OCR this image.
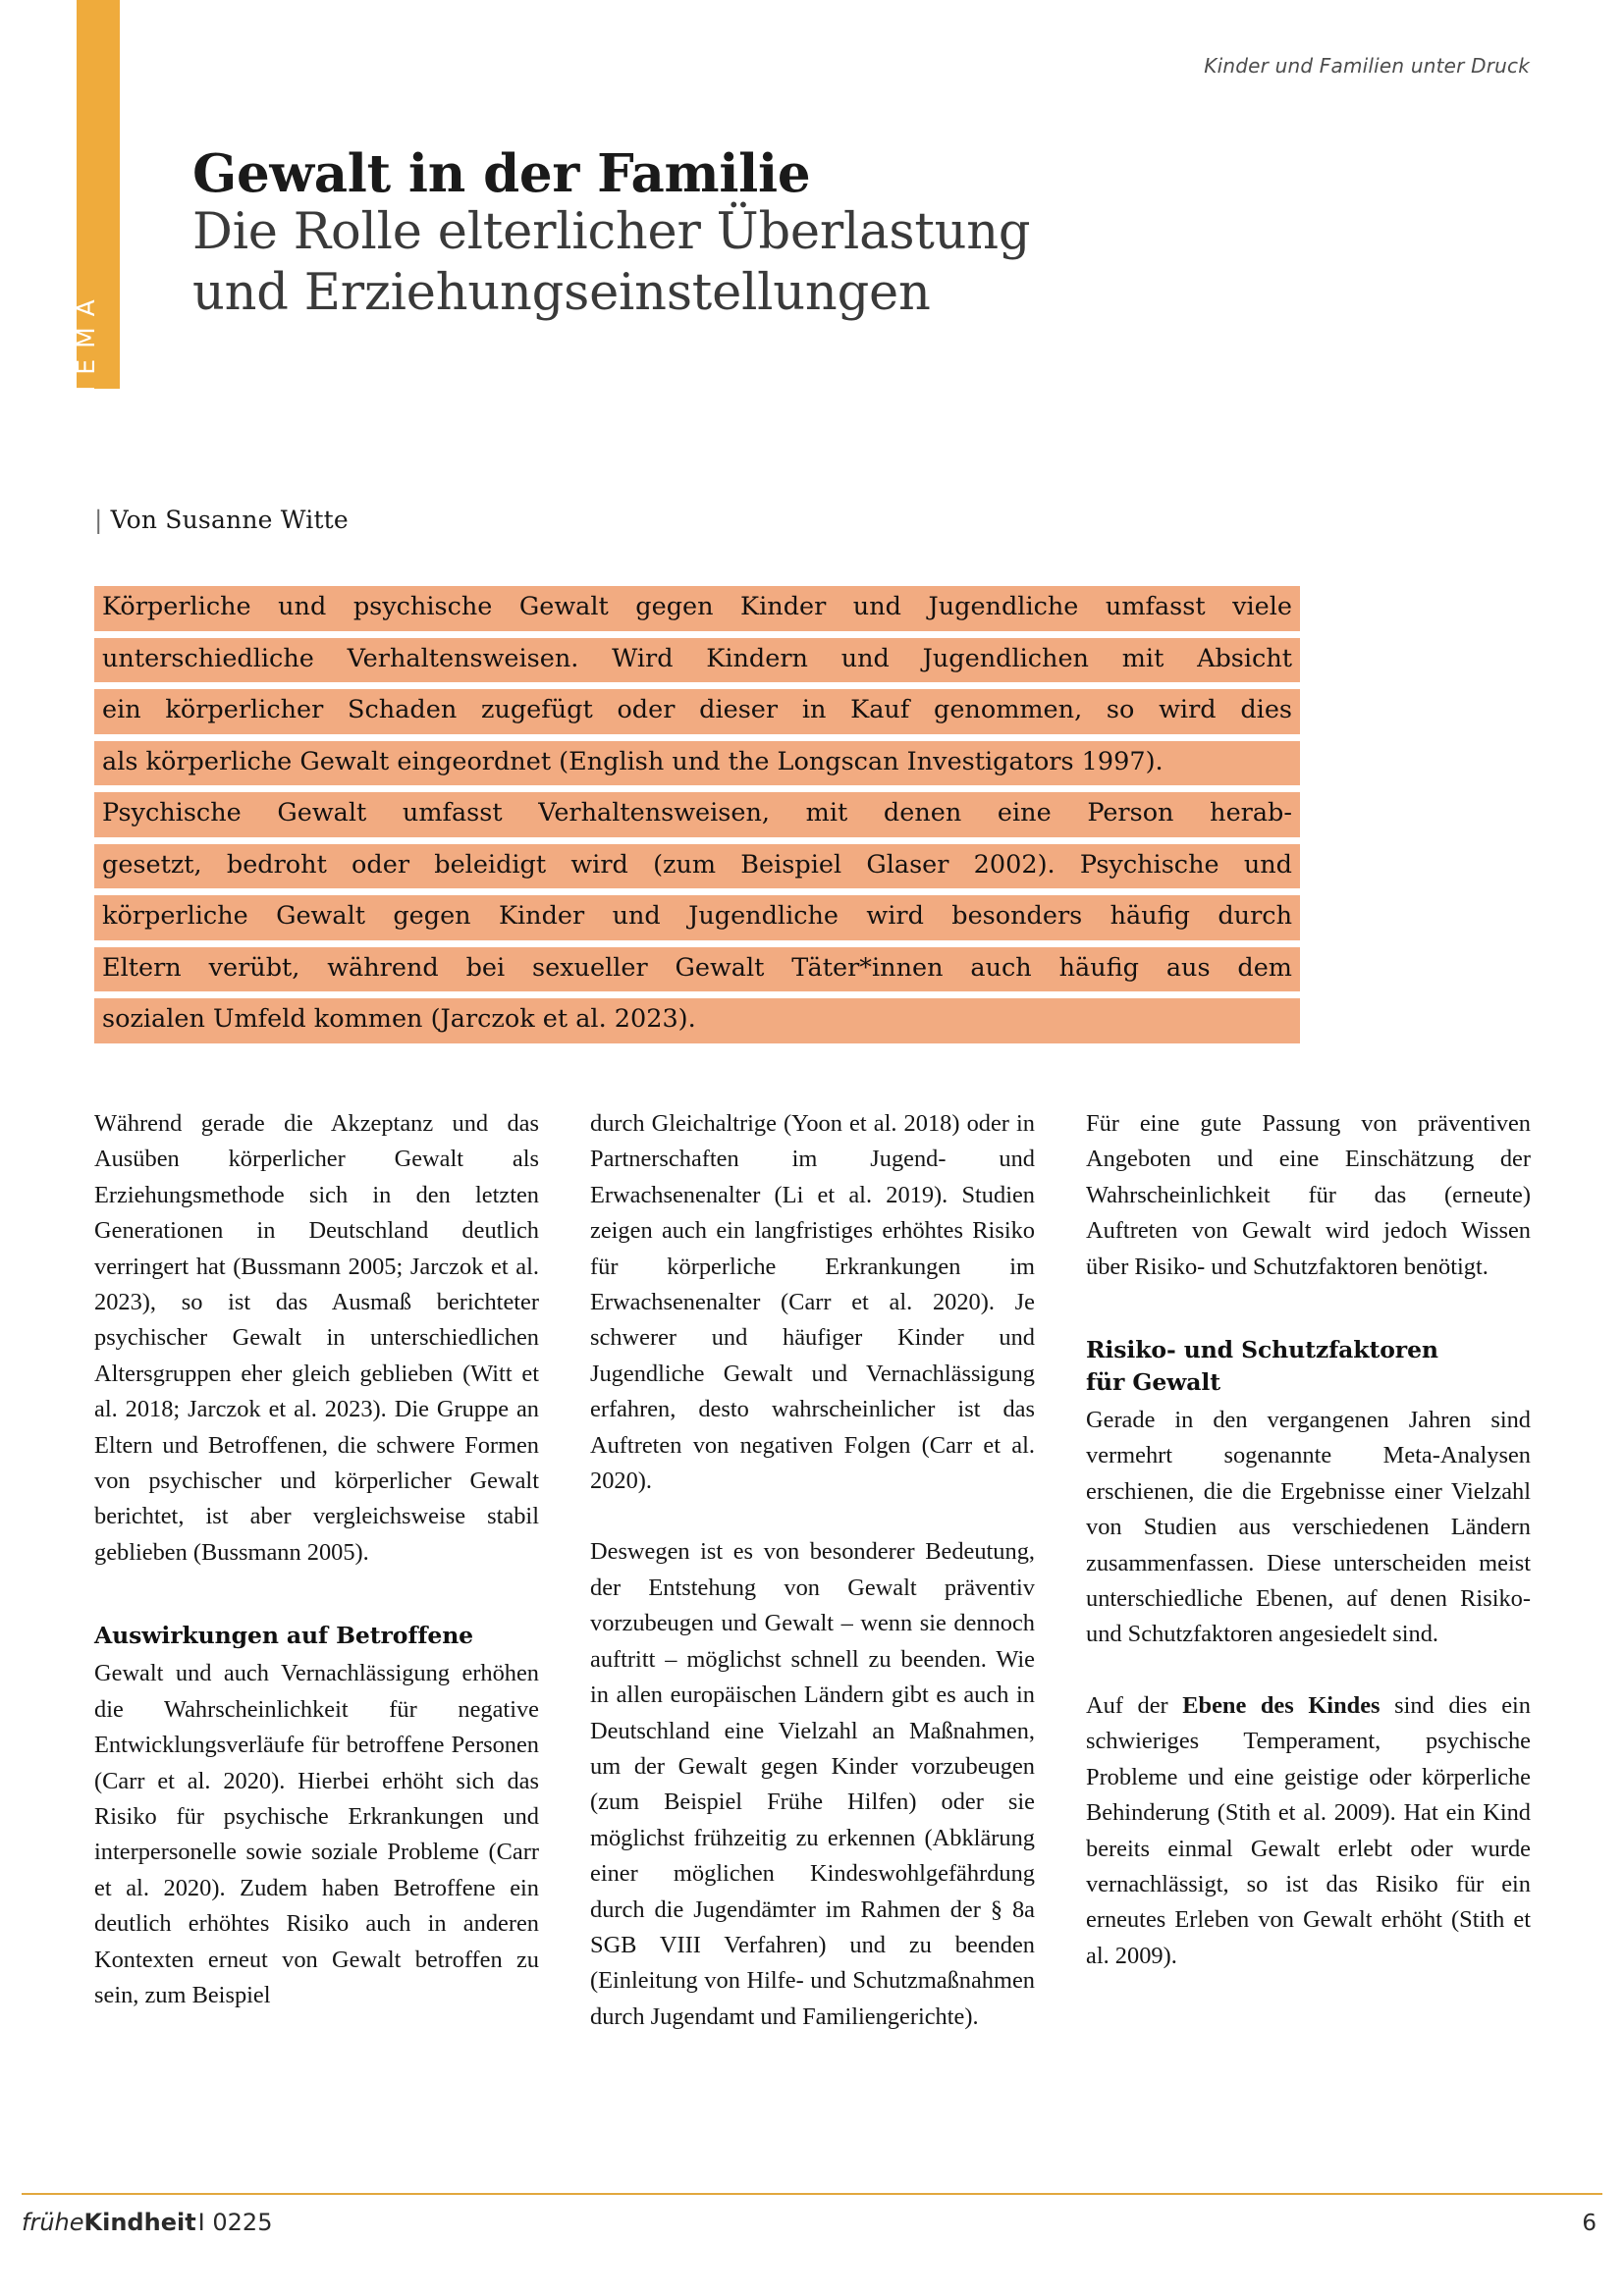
Kinder und Familien unter Druck
THEMA
Gewalt in der Familie
Die Rolle elterlicher Überlastung
und Erziehungseinstellungen
| Von Susanne Witte
Körperliche und psychische Gewalt gegen Kinder und Jugendliche umfasst viele
unterschiedliche Verhaltensweisen. Wird Kindern und Jugendlichen mit Absicht
ein körperlicher Schaden zugefügt oder dieser in Kauf genommen, so wird dies
als körperliche Gewalt eingeordnet (English und the Longscan Investigators 1997).
Psychische Gewalt umfasst Verhaltensweisen, mit denen eine Person herab-
gesetzt, bedroht oder beleidigt wird (zum Beispiel Glaser 2002). Psychische und
körperliche Gewalt gegen Kinder und Jugendliche wird besonders häufig durch
Eltern verübt, während bei sexueller Gewalt Täter*innen auch häufig aus dem
sozialen Umfeld kommen (Jarczok et al. 2023).

Während gerade die Akzeptanz und das Ausüben körperlicher Gewalt als Erziehungsmethode sich in den letzten Generationen in Deutschland deutlich verringert hat (Bussmann 2005; Jarczok et al. 2023), so ist das Ausmaß berichteter psychischer Gewalt in unterschiedlichen Altersgruppen eher gleich geblieben (Witt et al. 2018; Jarczok et al. 2023). Die Gruppe an Eltern und Betroffenen, die schwere Formen von psychischer und körperlicher Gewalt berichtet, ist aber vergleichsweise stabil geblieben (Bussmann 2005).

Auswirkungen auf Betroffene

Gewalt und auch Vernachlässigung erhöhen die Wahrscheinlichkeit für negative Entwicklungsverläufe für betroffene Personen (Carr et al. 2020). Hierbei erhöht sich das Risiko für psychische Erkrankungen und interpersonelle sowie soziale Probleme (Carr et al. 2020). Zudem haben Betroffene ein deutlich erhöhtes Risiko auch in anderen Kontexten erneut von Gewalt betroffen zu sein, zum Beispiel

durch Gleichaltrige (Yoon et al. 2018) oder in Partnerschaften im Jugend- und Erwachsenenalter (Li et al. 2019). Studien zeigen auch ein langfristiges erhöhtes Risiko für körperliche Erkrankungen im Erwachsenenalter (Carr et al. 2020). Je schwerer und häufiger Kinder und Jugendliche Gewalt und Vernachlässigung erfahren, desto wahrscheinlicher ist das Auftreten von negativen Folgen (Carr et al. 2020).

Deswegen ist es von besonderer Bedeutung, der Entstehung von Gewalt präventiv vorzubeugen und Gewalt – wenn sie dennoch auftritt – möglichst schnell zu beenden. Wie in allen europäischen Ländern gibt es auch in Deutschland eine Vielzahl an Maßnahmen, um der Gewalt gegen Kinder vorzubeugen (zum Beispiel Frühe Hilfen) oder sie möglichst frühzeitig zu erkennen (Abklärung einer möglichen Kindeswohlgefährdung durch die Jugendämter im Rahmen der § 8a SGB VIII Verfahren) und zu beenden (Einleitung von Hilfe- und Schutzmaßnahmen durch Jugendamt und Familiengerichte).

Für eine gute Passung von präventiven Angeboten und eine Einschätzung der Wahrscheinlichkeit für das (erneute) Auftreten von Gewalt wird jedoch Wissen über Risiko- und Schutzfaktoren benötigt.

Risiko- und Schutzfaktoren
für Gewalt

Gerade in den vergangenen Jahren sind vermehrt sogenannte Meta-Analysen erschienen, die die Ergebnisse einer Vielzahl von Studien aus verschiedenen Ländern zusammenfassen. Diese unterscheiden meist unterschiedliche Ebenen, auf denen Risiko- und Schutzfaktoren angesiedelt sind.

Auf der Ebene des Kindes sind dies ein schwieriges Temperament, psychische Probleme und eine geistige oder körperliche Behinderung (Stith et al. 2009). Hat ein Kind bereits einmal Gewalt erlebt oder wurde vernachlässigt, so ist das Risiko für ein erneutes Erleben von Gewalt erhöht (Stith et al. 2009).

früheKindheitI 0225	6
